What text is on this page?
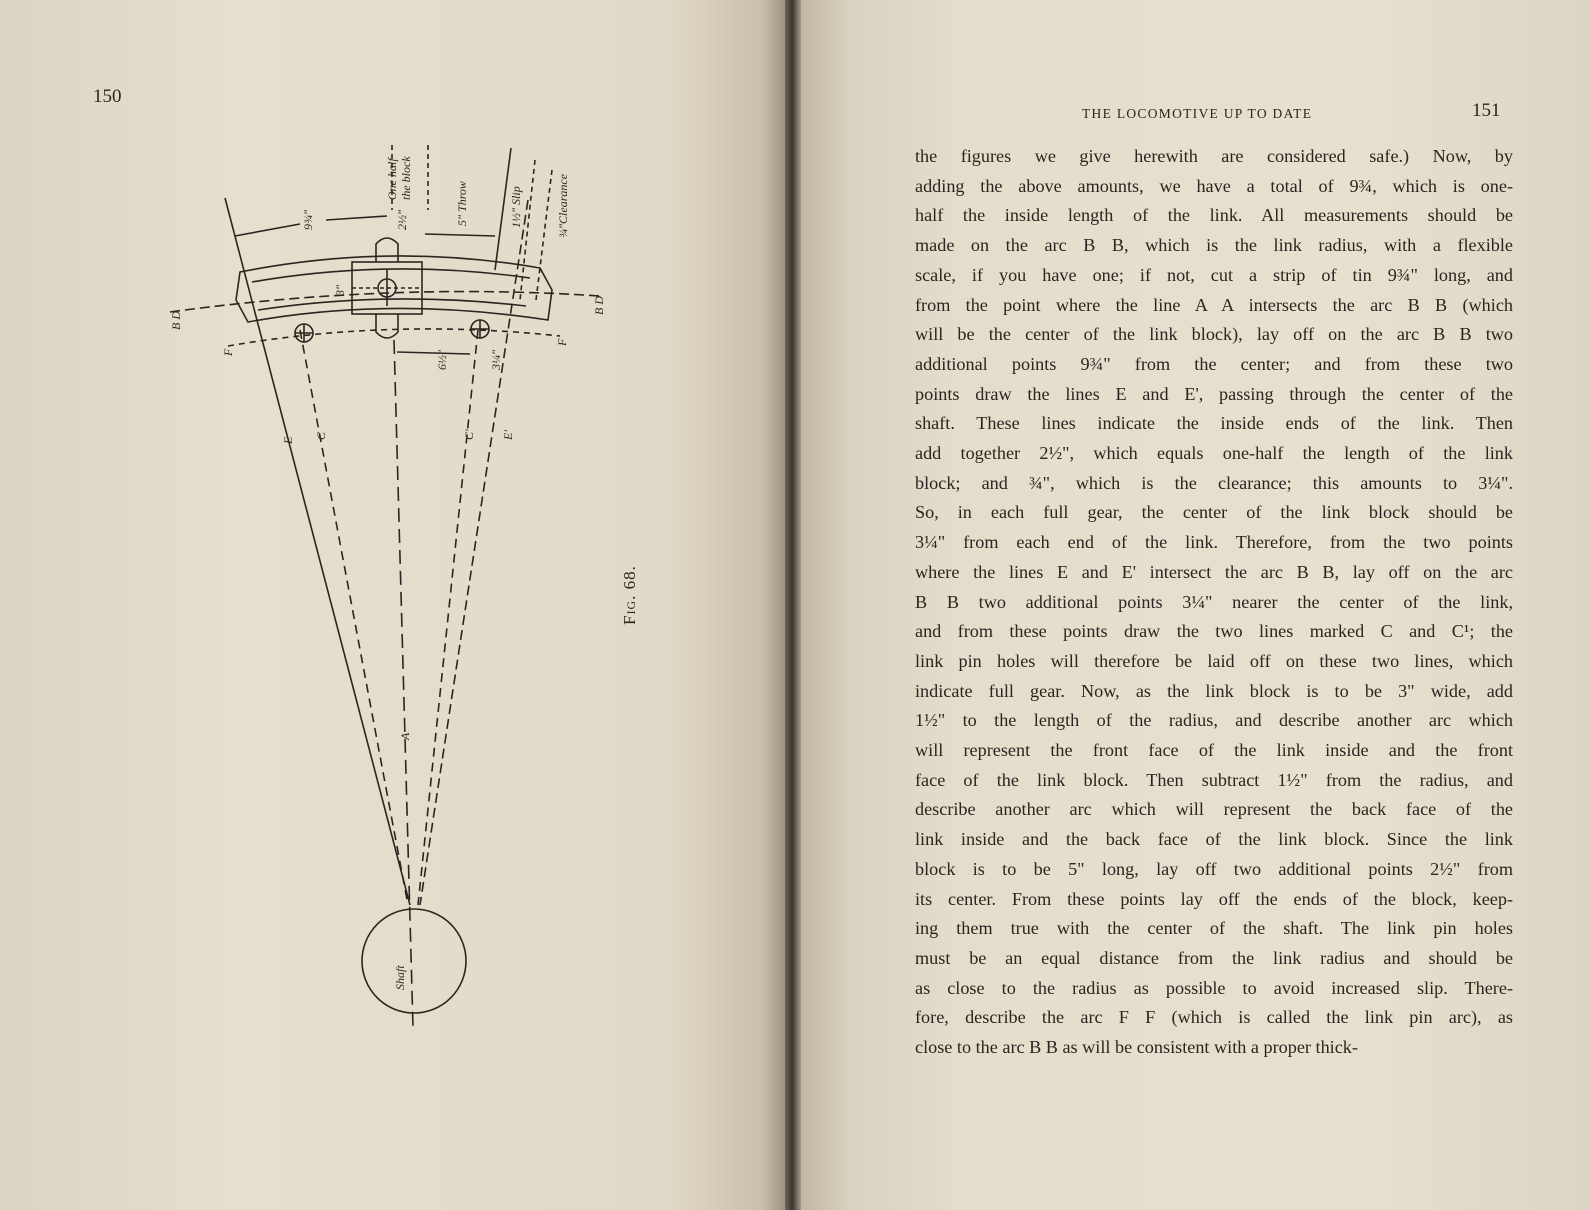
150
9¾"
One half the block
2½"	5" Throw	1½" Slip	¾"Clearance
3"
6½"	3¼"
B D
B D
F
F
E
C	C' E'
A
Shaft
Fig. 68.
THE LOCOMOTIVE UP TO DATE	151
the figures we give herewith are considered safe.) Now, by
adding the above amounts, we have a total of 9¾, which is one-
half the inside length of the link. All measurements should be
made on the arc B B, which is the link radius, with a flexible
scale, if you have one; if not, cut a strip of tin 9¾" long, and
from the point where the line A A intersects the arc B B (which
will be the center of the link block), lay off on the arc B B two
additional points 9¾" from the center; and from these two
points draw the lines E and E', passing through the center of the
shaft. These lines indicate the inside ends of the link. Then
add together 2½", which equals one-half the length of the link
block; and ¾", which is the clearance; this amounts to 3¼".
So, in each full gear, the center of the link block should be
3¼" from each end of the link. Therefore, from the two points
where the lines E and E' intersect the arc B B, lay off on the arc
B B two additional points 3¼" nearer the center of the link,
and from these points draw the two lines marked C and C¹; the
link pin holes will therefore be laid off on these two lines, which
indicate full gear. Now, as the link block is to be 3" wide, add
1½" to the length of the radius, and describe another arc which
will represent the front face of the link inside and the front
face of the link block. Then subtract 1½" from the radius, and
describe another arc which will represent the back face of the
link inside and the back face of the link block. Since the link
block is to be 5" long, lay off two additional points 2½" from
its center. From these points lay off the ends of the block, keep-
ing them true with the center of the shaft. The link pin holes
must be an equal distance from the link radius and should be
as close to the radius as possible to avoid increased slip. There-
fore, describe the arc F F (which is called the link pin arc), as
close to the arc B B as will be consistent with a proper thick-
